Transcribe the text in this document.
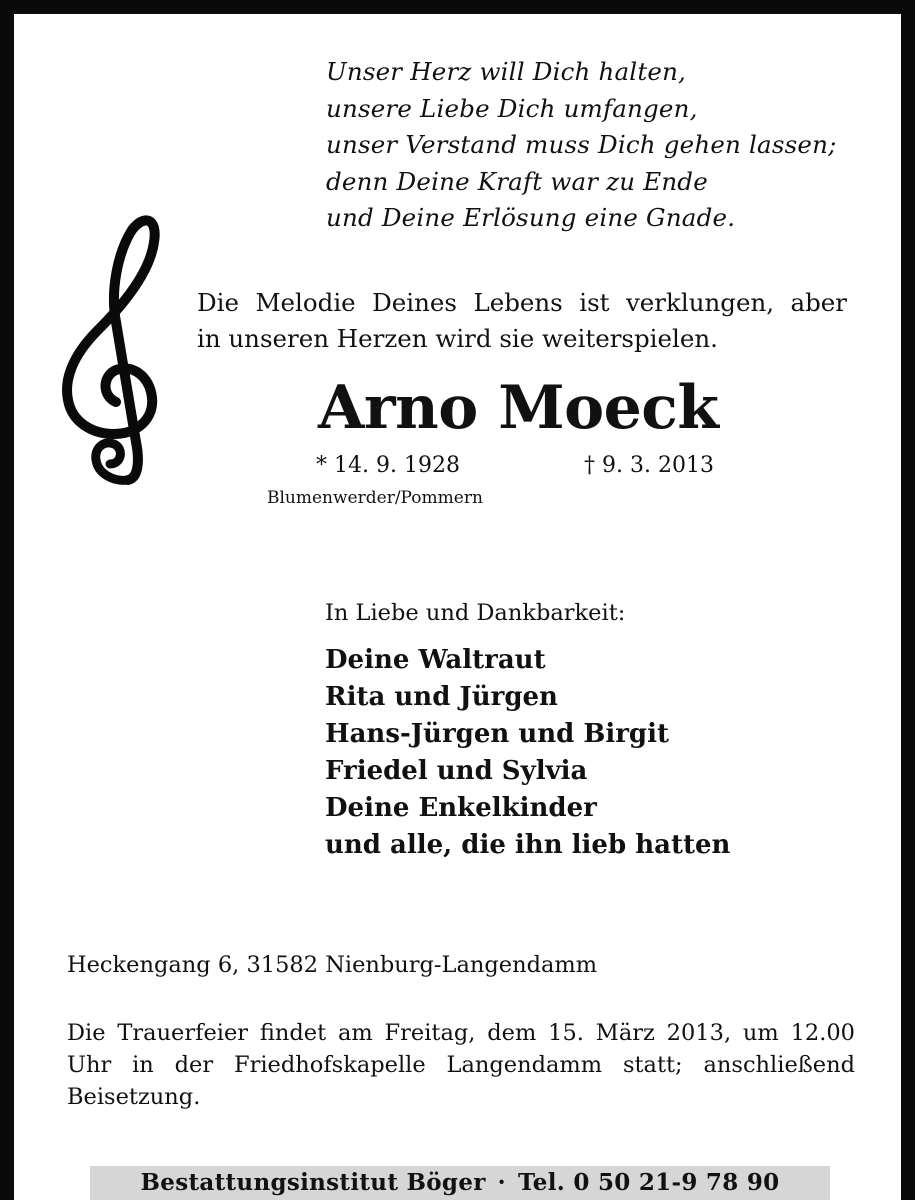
Unser Herz will Dich halten,
unsere Liebe Dich umfangen,
unser Verstand muss Dich gehen lassen;
denn Deine Kraft war zu Ende
und Deine Erlösung eine Gnade.
Die Melodie Deines Lebens ist verklungen, aber
in unseren Herzen wird sie weiterspielen.
Arno Moeck
* 14. 9. 1928	† 9. 3. 2013
Blumenwerder/Pommern
In Liebe und Dankbarkeit:
Deine Waltraut
Rita und Jürgen
Hans-Jürgen und Birgit
Friedel und Sylvia
Deine Enkelkinder
und alle, die ihn lieb hatten
Heckengang 6, 31582 Nienburg-Langendamm
Die Trauerfeier findet am Freitag, dem 15. März 2013, um 12.00
Uhr in der Friedhofskapelle Langendamm statt; anschließend
Beisetzung.
Bestattungsinstitut Böger · Tel. 0 50 21-9 78 90
